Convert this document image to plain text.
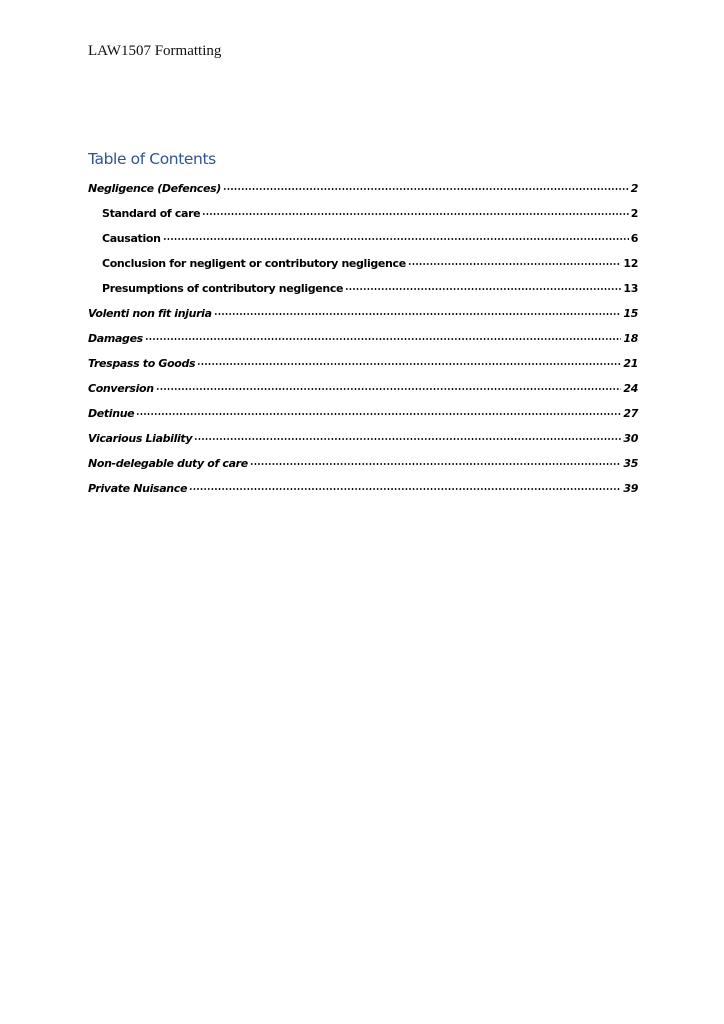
LAW1507 Formatting
Table of Contents
Negligence (Defences)	2
Standard of care	2
Causation	6
Conclusion for negligent or contributory negligence	12
Presumptions of contributory negligence	13
Volenti non fit injuria	15
Damages	18
Trespass to Goods	21
Conversion	24
Detinue	27
Vicarious Liability	30
Non-delegable duty of care	35
Private Nuisance	39
